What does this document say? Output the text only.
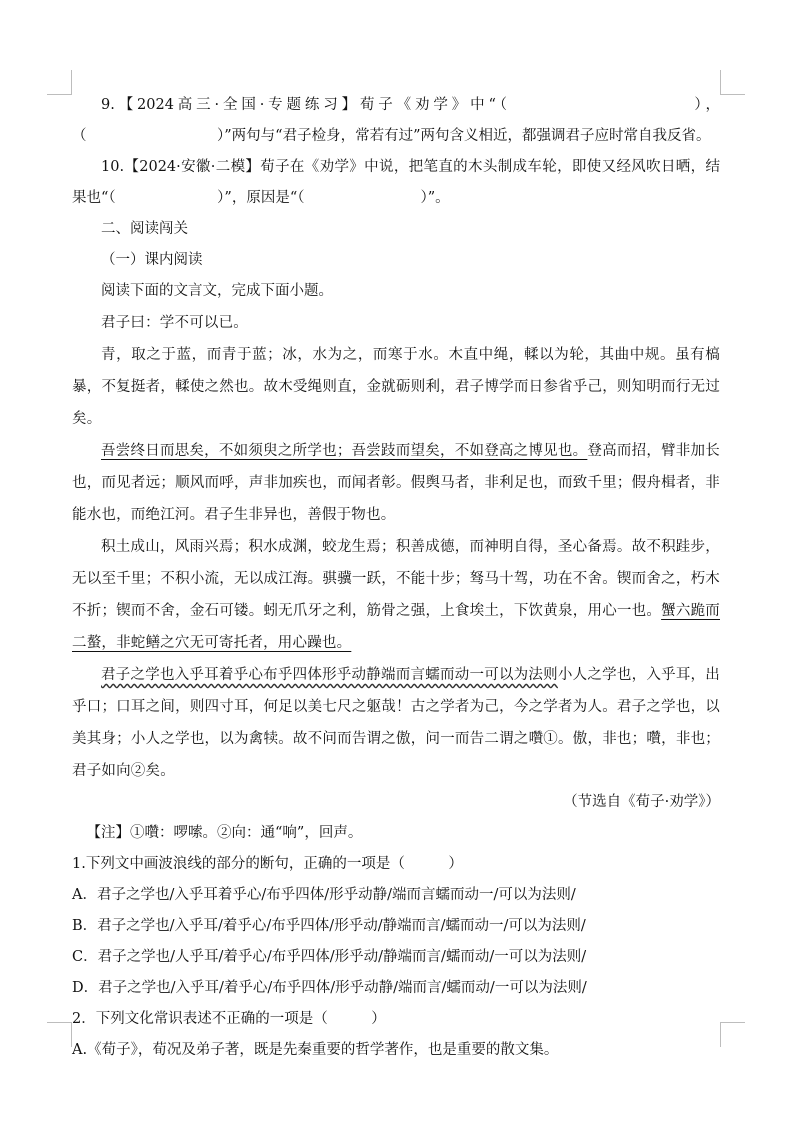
9.【2024高三·全国·专题练习】荀子《劝学》中“（　　　　　　　　　　），（　　　　　　　　　）”两句与“君子检身，常若有过”两句含义相近，都强调君子应时常自我反省。

10.【2024·安徽·二模】荀子在《劝学》中说，把笔直的木头制成车轮，即使又经风吹日晒，结果也“（　　　　　　　）”，原因是“（　　　　　　　　）”。

二、阅读闯关

（一）课内阅读

阅读下面的文言文，完成下面小题。

君子曰：学不可以已。

青，取之于蓝，而青于蓝；冰，水为之，而寒于水。木直中绳，輮以为轮，其曲中规。虽有槁暴，不复挺者，輮使之然也。故木受绳则直，金就砺则利，君子博学而日参省乎己，则知明而行无过矣。

吾尝终日而思矣，不如须臾之所学也；吾尝跂而望矣，不如登高之博见也。登高而招，臂非加长也，而见者远；顺风而呼，声非加疾也，而闻者彰。假舆马者，非利足也，而致千里；假舟楫者，非能水也，而绝江河。君子生非异也，善假于物也。

积土成山，风雨兴焉；积水成渊，蛟龙生焉；积善成德，而神明自得，圣心备焉。故不积跬步，无以至千里；不积小流，无以成江海。骐骥一跃，不能十步；驽马十驾，功在不舍。锲而舍之，朽木不折；锲而不舍，金石可镂。蚓无爪牙之利，筋骨之强，上食埃土，下饮黄泉，用心一也。蟹六跪而二螯，非蛇鳝之穴无可寄托者，用心躁也。

君子之学也入乎耳着乎心布乎四体形乎动静端而言蠕而动一可以为法则小人之学也，入乎耳，出乎口；口耳之间，则四寸耳，何足以美七尺之躯哉！古之学者为己，今之学者为人。君子之学也，以美其身；小人之学也，以为禽犊。故不问而告谓之傲，问一而告二谓之囋①。傲，非也；囋，非也；君子如向②矣。

（节选自《荀子·劝学》）

【注】①囋：啰嗦。②向：通“响”，回声。

1.下列文中画波浪线的部分的断句，正确的一项是（　　　）

A．君子之学也/入乎耳着乎心/布乎四体/形乎动静/端而言蠕而动一/可以为法则/

B．君子之学也/入乎耳/着乎心/布乎四体/形乎动/静端而言/蠕而动一/可以为法则/

C．君子之学也/人乎耳/着乎心/布乎四体/形乎动/静端而言/蠕而动/一可以为法则/

D．君子之学也/入乎耳/着乎心/布乎四体/形乎动静/端而言/蠕而动/一可以为法则/

2．下列文化常识表述不正确的一项是（　　　）

A.《荀子》，荀况及弟子著，既是先秦重要的哲学著作，也是重要的散文集。
